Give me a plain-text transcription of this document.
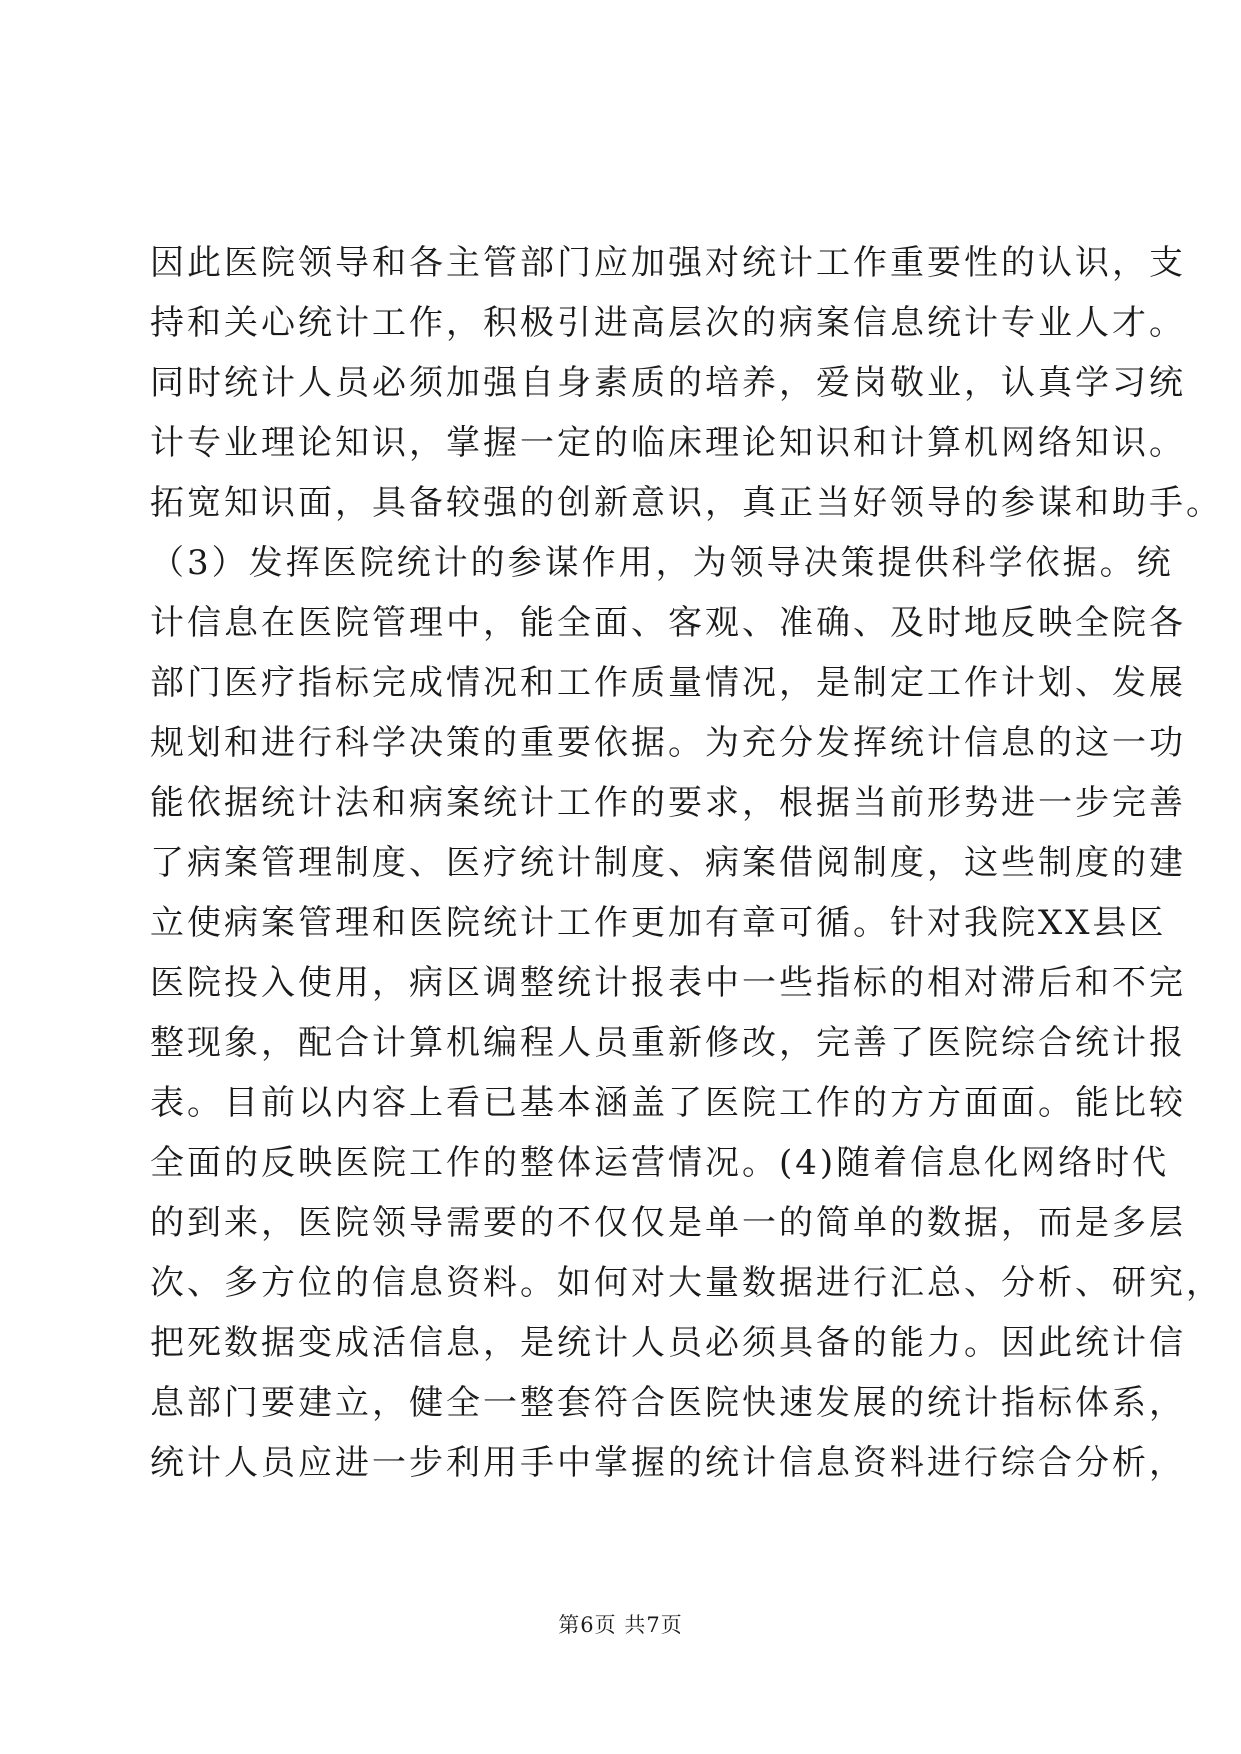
因此医院领导和各主管部门应加强对统计工作重要性的认识，支
持和关心统计工作，积极引进高层次的病案信息统计专业人才。
同时统计人员必须加强自身素质的培养，爱岗敬业，认真学习统
计专业理论知识，掌握一定的临床理论知识和计算机网络知识。
拓宽知识面，具备较强的创新意识，真正当好领导的参谋和助手。
（3）发挥医院统计的参谋作用，为领导决策提供科学依据。统
计信息在医院管理中，能全面、客观、准确、及时地反映全院各
部门医疗指标完成情况和工作质量情况，是制定工作计划、发展
规划和进行科学决策的重要依据。为充分发挥统计信息的这一功
能依据统计法和病案统计工作的要求，根据当前形势进一步完善
了病案管理制度、医疗统计制度、病案借阅制度，这些制度的建
立使病案管理和医院统计工作更加有章可循。针对我院XX县区
医院投入使用，病区调整统计报表中一些指标的相对滞后和不完
整现象，配合计算机编程人员重新修改，完善了医院综合统计报
表。目前以内容上看已基本涵盖了医院工作的方方面面。能比较
全面的反映医院工作的整体运营情况。(4)随着信息化网络时代
的到来，医院领导需要的不仅仅是单一的简单的数据，而是多层
次、多方位的信息资料。如何对大量数据进行汇总、分析、研究，
把死数据变成活信息，是统计人员必须具备的能力。因此统计信
息部门要建立，健全一整套符合医院快速发展的统计指标体系，
统计人员应进一步利用手中掌握的统计信息资料进行综合分析，
第6页 共7页
